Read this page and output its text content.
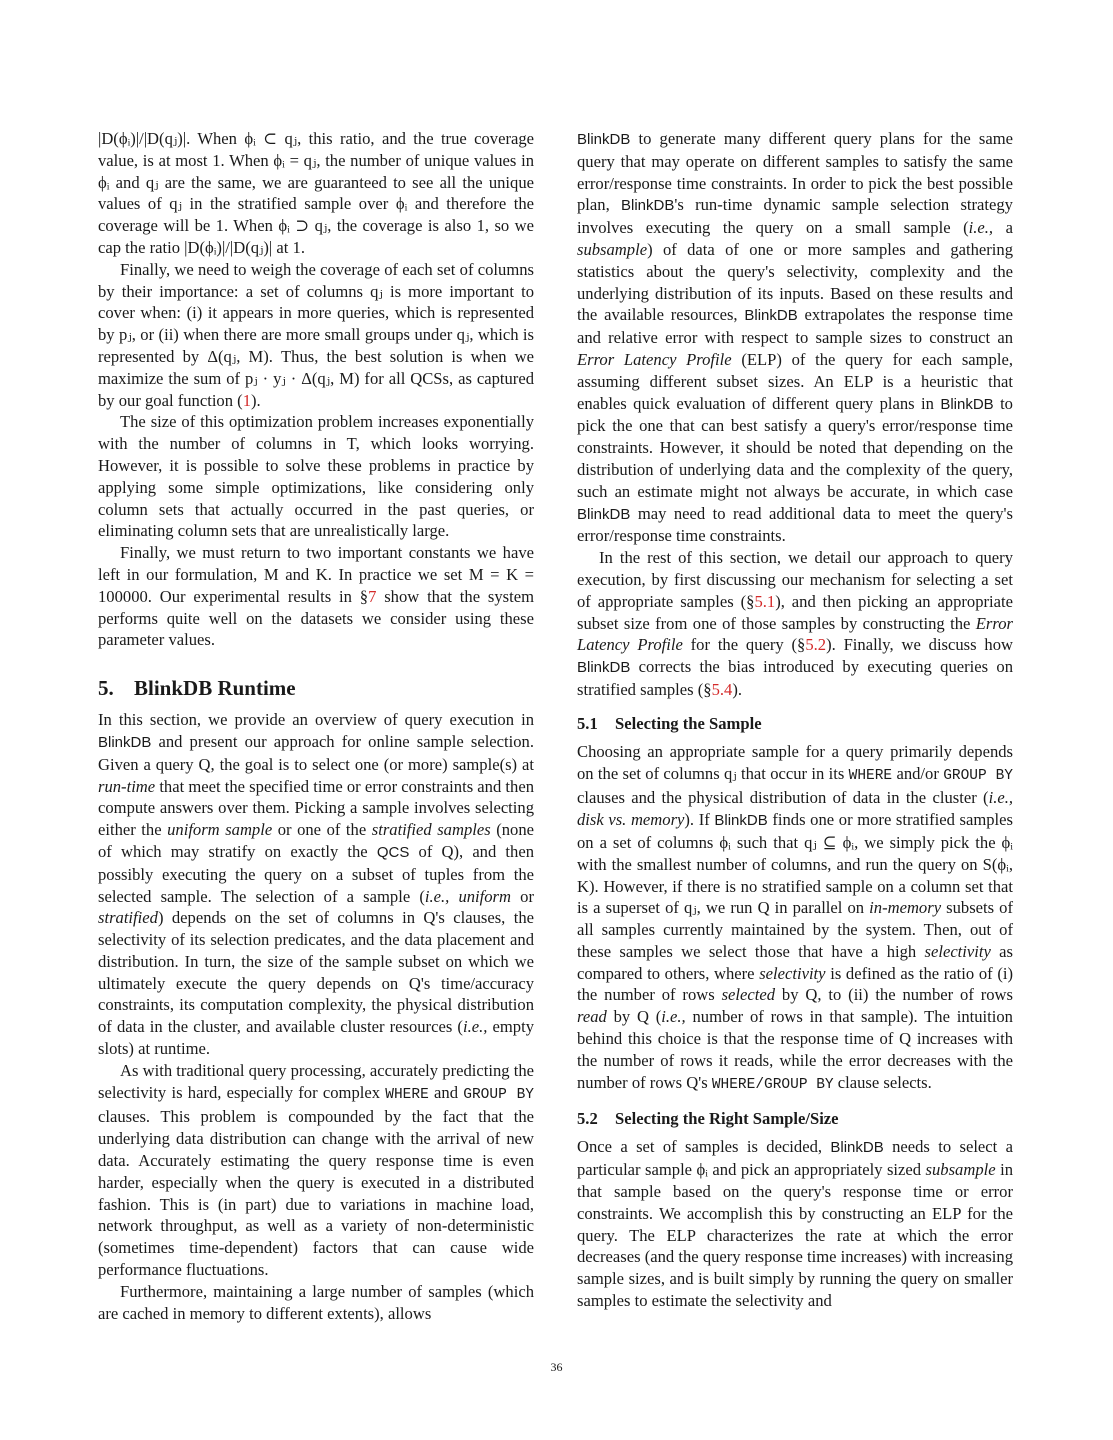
|D(ϕᵢ)|/|D(qⱼ)|. When ϕᵢ ⊂ qⱼ, this ratio, and the true coverage value, is at most 1. When ϕᵢ = qⱼ, the number of unique values in ϕᵢ and qⱼ are the same, we are guaranteed to see all the unique values of qⱼ in the stratified sample over ϕᵢ and therefore the coverage will be 1. When ϕᵢ ⊃ qⱼ, the coverage is also 1, so we cap the ratio |D(ϕᵢ)|/|D(qⱼ)| at 1.

Finally, we need to weigh the coverage of each set of columns by their importance: a set of columns qⱼ is more important to cover when: (i) it appears in more queries, which is represented by pⱼ, or (ii) when there are more small groups under qⱼ, which is represented by Δ(qⱼ, M). Thus, the best solution is when we maximize the sum of pⱼ · yⱼ · Δ(qⱼ, M) for all QCSs, as captured by our goal function (1).

The size of this optimization problem increases exponentially with the number of columns in T, which looks worrying. However, it is possible to solve these problems in practice by applying some simple optimizations, like considering only column sets that actually occurred in the past queries, or eliminating column sets that are unrealistically large.

Finally, we must return to two important constants we have left in our formulation, M and K. In practice we set M = K = 100000. Our experimental results in §7 show that the system performs quite well on the datasets we consider using these parameter values.

5. BlinkDB Runtime

In this section, we provide an overview of query execution in BlinkDB and present our approach for online sample selection. Given a query Q, the goal is to select one (or more) sample(s) at run-time that meet the specified time or error constraints and then compute answers over them. Picking a sample involves selecting either the uniform sample or one of the stratified samples (none of which may stratify on exactly the QCS of Q), and then possibly executing the query on a subset of tuples from the selected sample. The selection of a sample (i.e., uniform or stratified) depends on the set of columns in Q's clauses, the selectivity of its selection predicates, and the data placement and distribution. In turn, the size of the sample subset on which we ultimately execute the query depends on Q's time/accuracy constraints, its computation complexity, the physical distribution of data in the cluster, and available cluster resources (i.e., empty slots) at runtime.

As with traditional query processing, accurately predicting the selectivity is hard, especially for complex WHERE and GROUP BY clauses. This problem is compounded by the fact that the underlying data distribution can change with the arrival of new data. Accurately estimating the query response time is even harder, especially when the query is executed in a distributed fashion. This is (in part) due to variations in machine load, network throughput, as well as a variety of non-deterministic (sometimes time-dependent) factors that can cause wide performance fluctuations.

Furthermore, maintaining a large number of samples (which are cached in memory to different extents), allows

BlinkDB to generate many different query plans for the same query that may operate on different samples to satisfy the same error/response time constraints. In order to pick the best possible plan, BlinkDB's run-time dynamic sample selection strategy involves executing the query on a small sample (i.e., a subsample) of data of one or more samples and gathering statistics about the query's selectivity, complexity and the underlying distribution of its inputs. Based on these results and the available resources, BlinkDB extrapolates the response time and relative error with respect to sample sizes to construct an Error Latency Profile (ELP) of the query for each sample, assuming different subset sizes. An ELP is a heuristic that enables quick evaluation of different query plans in BlinkDB to pick the one that can best satisfy a query's error/response time constraints. However, it should be noted that depending on the distribution of underlying data and the complexity of the query, such an estimate might not always be accurate, in which case BlinkDB may need to read additional data to meet the query's error/response time constraints.

In the rest of this section, we detail our approach to query execution, by first discussing our mechanism for selecting a set of appropriate samples (§5.1), and then picking an appropriate subset size from one of those samples by constructing the Error Latency Profile for the query (§5.2). Finally, we discuss how BlinkDB corrects the bias introduced by executing queries on stratified samples (§5.4).

5.1 Selecting the Sample

Choosing an appropriate sample for a query primarily depends on the set of columns qⱼ that occur in its WHERE and/or GROUP BY clauses and the physical distribution of data in the cluster (i.e., disk vs. memory). If BlinkDB finds one or more stratified samples on a set of columns ϕᵢ such that qⱼ ⊆ ϕᵢ, we simply pick the ϕᵢ with the smallest number of columns, and run the query on S(ϕᵢ, K). However, if there is no stratified sample on a column set that is a superset of qⱼ, we run Q in parallel on in-memory subsets of all samples currently maintained by the system. Then, out of these samples we select those that have a high selectivity as compared to others, where selectivity is defined as the ratio of (i) the number of rows selected by Q, to (ii) the number of rows read by Q (i.e., number of rows in that sample). The intuition behind this choice is that the response time of Q increases with the number of rows it reads, while the error decreases with the number of rows Q's WHERE/GROUP BY clause selects.

5.2 Selecting the Right Sample/Size

Once a set of samples is decided, BlinkDB needs to select a particular sample ϕᵢ and pick an appropriately sized subsample in that sample based on the query's response time or error constraints. We accomplish this by constructing an ELP for the query. The ELP characterizes the rate at which the error decreases (and the query response time increases) with increasing sample sizes, and is built simply by running the query on smaller samples to estimate the selectivity and

36
